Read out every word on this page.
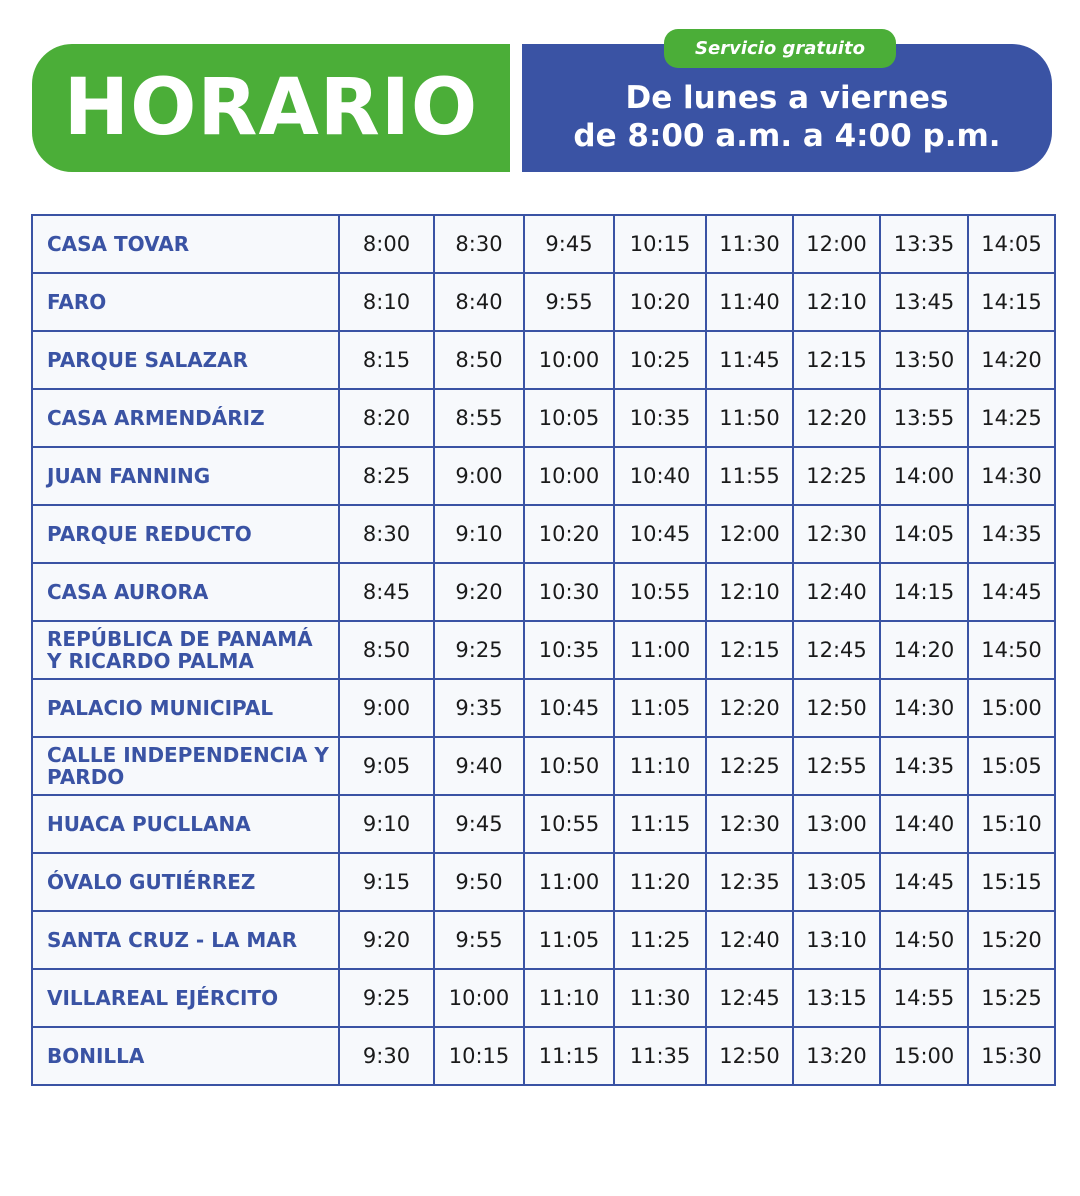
HORARIO	De lunes a viernes
de 8:00 a.m. a 4:00 p.m.
Servicio gratuito
CASA TOVAR	8:00	8:30	9:45	10:15	11:30	12:00	13:35	14:05
FARO	8:10	8:40	9:55	10:20	11:40	12:10	13:45	14:15
PARQUE SALAZAR	8:15	8:50	10:00	10:25	11:45	12:15	13:50	14:20
CASA ARMENDÁRIZ	8:20	8:55	10:05	10:35	11:50	12:20	13:55	14:25
JUAN FANNING	8:25	9:00	10:00	10:40	11:55	12:25	14:00	14:30
PARQUE REDUCTO	8:30	9:10	10:20	10:45	12:00	12:30	14:05	14:35
CASA AURORA	8:45	9:20	10:30	10:55	12:10	12:40	14:15	14:45
REPÚBLICA DE PANAMÁ Y RICARDO PALMA	8:50	9:25	10:35	11:00	12:15	12:45	14:20	14:50
PALACIO MUNICIPAL	9:00	9:35	10:45	11:05	12:20	12:50	14:30	15:00
CALLE INDEPENDENCIA Y PARDO	9:05	9:40	10:50	11:10	12:25	12:55	14:35	15:05
HUACA PUCLLANA	9:10	9:45	10:55	11:15	12:30	13:00	14:40	15:10
ÓVALO GUTIÉRREZ	9:15	9:50	11:00	11:20	12:35	13:05	14:45	15:15
SANTA CRUZ - LA MAR	9:20	9:55	11:05	11:25	12:40	13:10	14:50	15:20
VILLAREAL EJÉRCITO	9:25	10:00	11:10	11:30	12:45	13:15	14:55	15:25
BONILLA	9:30	10:15	11:15	11:35	12:50	13:20	15:00	15:30
